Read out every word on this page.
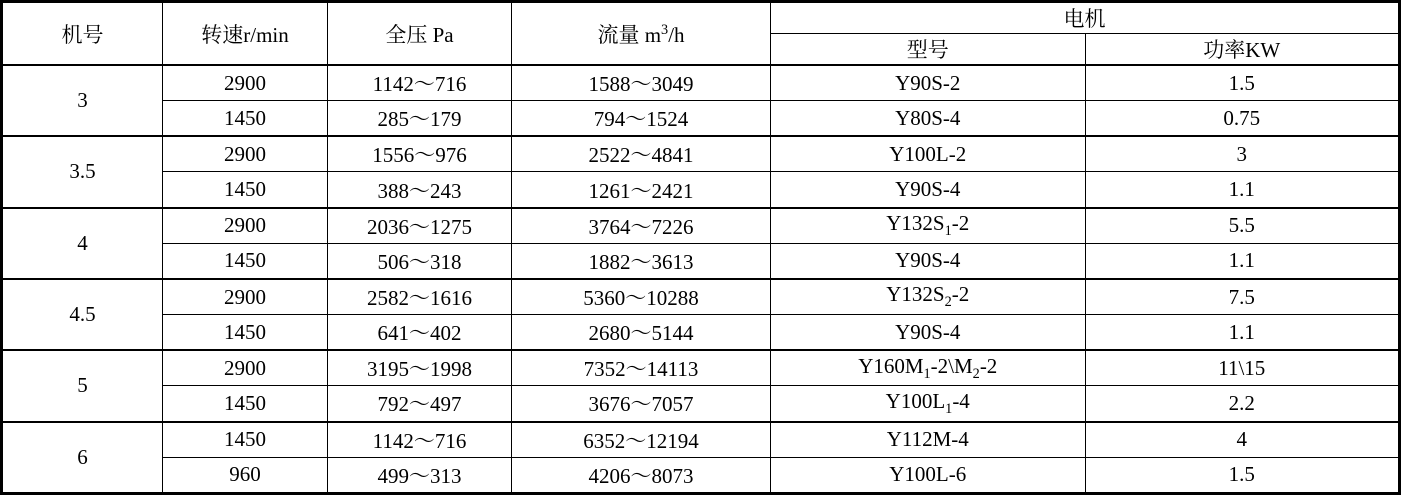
机号	转速r/min	全压 Pa	流量 $m^3/h$	电机	
				型号	功率KW
3	2900	1142～716	1588～3049	Y90S-2	1.5
	1450	285～179	794～1524	Y80S-4	0.75
3.5	2900	1556～976	2522～4841	Y100L-2	3
	1450	388～243	1261～2421	Y90S-4	1.1
4	2900	2036～1275	3764～7226	$Y132S_1-2$	5.5
	1450	506～318	1882～3613	Y90S-4	1.1
4.5	2900	2582～1616	5360～10288	$Y132S_2-2$	7.5
	1450	641～402	2680～5144	Y90S-4	1.1
5	2900	3195～1998	7352～14113	$Y160M_1-2\backslash M_2-2$	11\15
	1450	792～497	3676～7057	$Y100L_1-4$	2.2
6	1450	1142～716	6352～12194	Y112M-4	4
	960	499～313	4206～8073	Y100L-6	1.5
